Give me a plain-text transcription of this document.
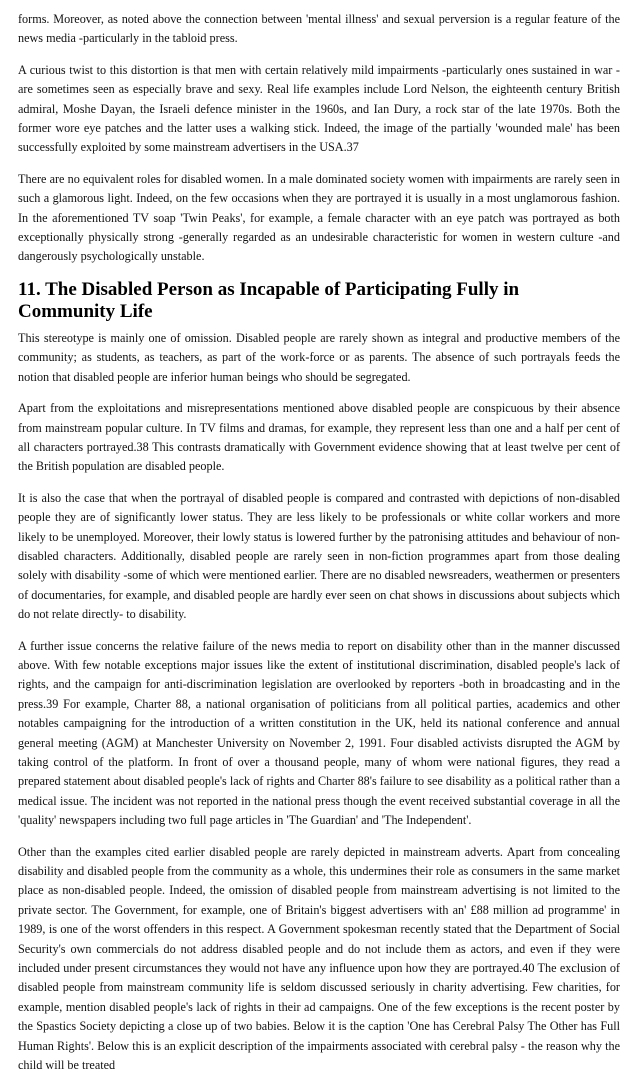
forms. Moreover, as noted above the connection between 'mental illness' and sexual perversion is a regular feature of the news media -particularly in the tabloid press.

A curious twist to this distortion is that men with certain relatively mild impairments -particularly ones sustained in war -are sometimes seen as especially brave and sexy. Real life examples include Lord Nelson, the eighteenth century British admiral, Moshe Dayan, the Israeli defence minister in the 1960s, and Ian Dury, a rock star of the late 1970s. Both the former wore eye patches and the latter uses a walking stick. Indeed, the image of the partially 'wounded male' has been successfully exploited by some mainstream advertisers in the USA.37

There are no equivalent roles for disabled women. In a male dominated society women with impairments are rarely seen in such a glamorous light. Indeed, on the few occasions when they are portrayed it is usually in a most unglamorous fashion. In the aforementioned TV soap 'Twin Peaks', for example, a female character with an eye patch was portrayed as both exceptionally physically strong -generally regarded as an undesirable characteristic for women in western culture -and dangerously psychologically unstable.

11. The Disabled Person as Incapable of Participating Fully in Community Life

This stereotype is mainly one of omission. Disabled people are rarely shown as integral and productive members of the community; as students, as teachers, as part of the work-force or as parents. The absence of such portrayals feeds the notion that disabled people are inferior human beings who should be segregated.

Apart from the exploitations and misrepresentations mentioned above disabled people are conspicuous by their absence from mainstream popular culture. In TV films and dramas, for example, they represent less than one and a half per cent of all characters portrayed.38 This contrasts dramatically with Government evidence showing that at least twelve per cent of the British population are disabled people.

It is also the case that when the portrayal of disabled people is compared and contrasted with depictions of non-disabled people they are of significantly lower status. They are less likely to be professionals or white collar workers and more likely to be unemployed. Moreover, their lowly status is lowered further by the patronising attitudes and behaviour of non-disabled characters. Additionally, disabled people are rarely seen in non-fiction programmes apart from those dealing solely with disability -some of which were mentioned earlier. There are no disabled newsreaders, weathermen or presenters of documentaries, for example, and disabled people are hardly ever seen on chat shows in discussions about subjects which do not relate directly- to disability.

A further issue concerns the relative failure of the news media to report on disability other than in the manner discussed above. With few notable exceptions major issues like the extent of institutional discrimination, disabled people's lack of rights, and the campaign for anti-discrimination legislation are overlooked by reporters -both in broadcasting and in the press.39 For example, Charter 88, a national organisation of politicians from all political parties, academics and other notables campaigning for the introduction of a written constitution in the UK, held its national conference and annual general meeting (AGM) at Manchester University on November 2, 1991. Four disabled activists disrupted the AGM by taking control of the platform. In front of over a thousand people, many of whom were national figures, they read a prepared statement about disabled people's lack of rights and Charter 88's failure to see disability as a political rather than a medical issue. The incident was not reported in the national press though the event received substantial coverage in all the 'quality' newspapers including two full page articles in 'The Guardian' and 'The Independent'.

Other than the examples cited earlier disabled people are rarely depicted in mainstream adverts. Apart from concealing disability and disabled people from the community as a whole, this undermines their role as consumers in the same market place as non-disabled people. Indeed, the omission of disabled people from mainstream advertising is not limited to the private sector. The Government, for example, one of Britain's biggest advertisers with an' £88 million ad programme' in 1989, is one of the worst offenders in this respect. A Government spokesman recently stated that the Department of Social Security's own commercials do not address disabled people and do not include them as actors, and even if they were included under present circumstances they would not have any influence upon how they are portrayed.40 The exclusion of disabled people from mainstream community life is seldom discussed seriously in charity advertising. Few charities, for example, mention disabled people's lack of rights in their ad campaigns. One of the few exceptions is the recent poster by the Spastics Society depicting a close up of two babies. Below it is the caption 'One has Cerebral Palsy The Other has Full Human Rights'. Below this is an explicit description of the impairments associated with cerebral palsy - the reason why the child will be treated
